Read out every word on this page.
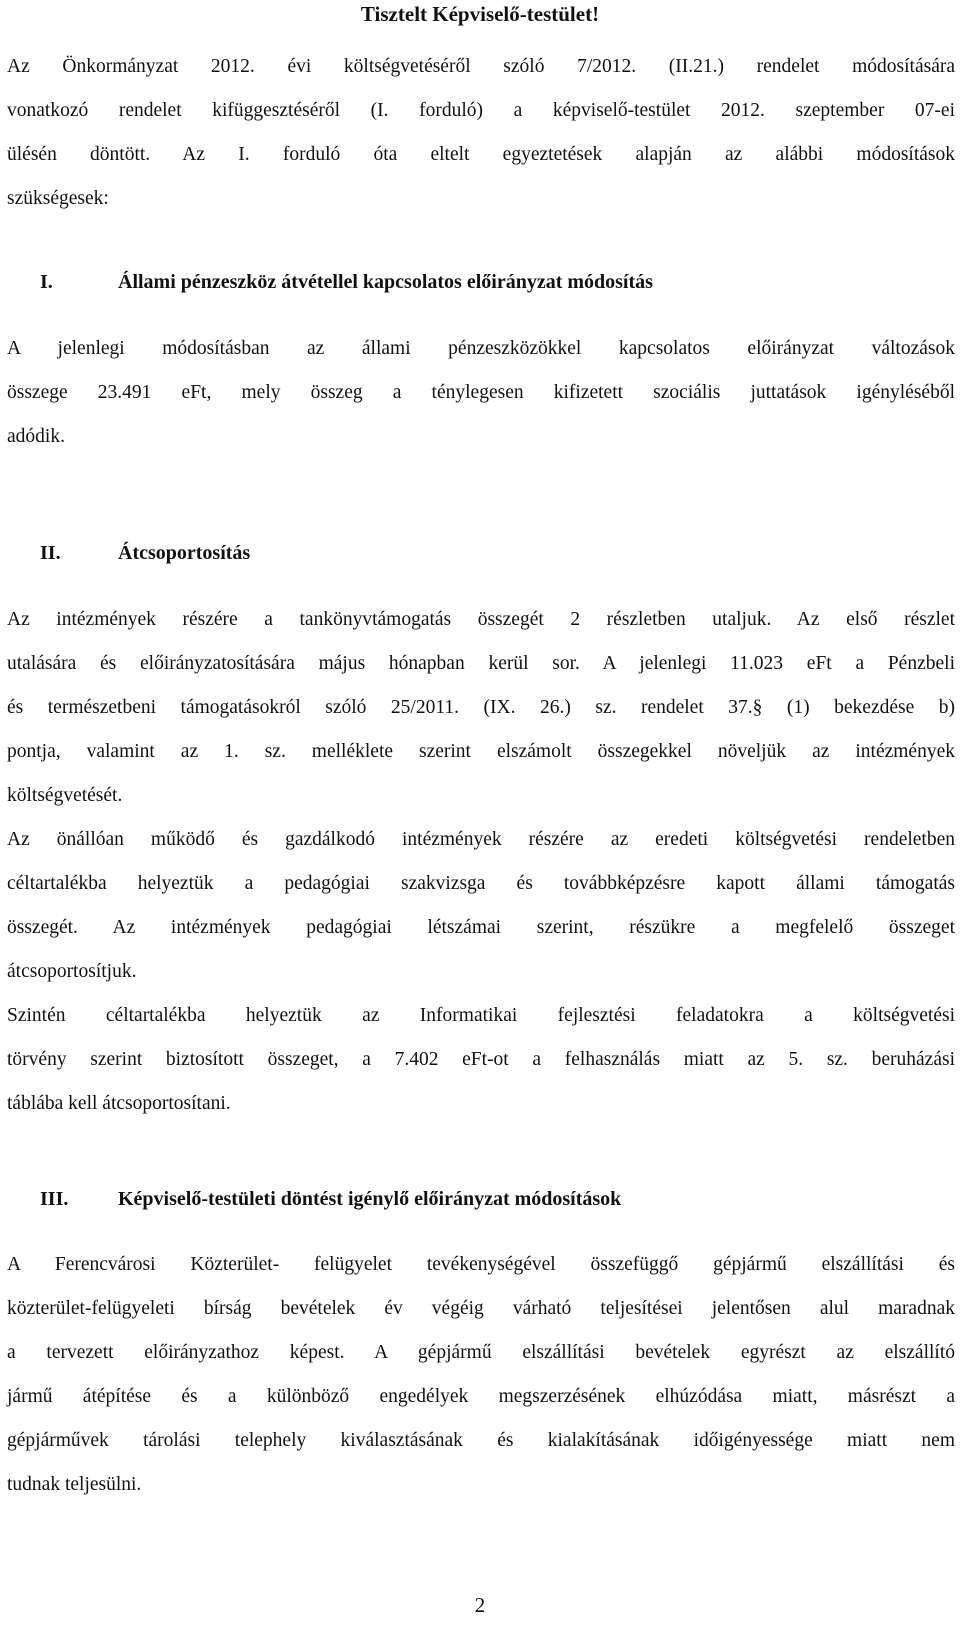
Tisztelt Képviselő-testület!
Az Önkormányzat 2012. évi költségvetéséről szóló 7/2012. (II.21.) rendelet módosítására
vonatkozó rendelet kifüggesztéséről (I. forduló) a képviselő-testület 2012. szeptember 07-ei
ülésén döntött. Az I. forduló óta eltelt egyeztetések alapján az alábbi módosítások
szükségesek:
I.	Állami pénzeszköz átvétellel kapcsolatos előirányzat módosítás
A jelenlegi módosításban az állami pénzeszközökkel kapcsolatos előirányzat változások
összege 23.491 eFt, mely összeg a ténylegesen kifizetett szociális juttatások igényléséből
adódik.
II.	Átcsoportosítás
Az intézmények részére a tankönyvtámogatás összegét 2 részletben utaljuk. Az első részlet
utalására és előirányzatosítására május hónapban kerül sor. A jelenlegi 11.023 eFt a Pénzbeli
és természetbeni támogatásokról szóló 25/2011. (IX. 26.) sz. rendelet 37.§ (1) bekezdése b)
pontja, valamint az 1. sz. melléklete szerint elszámolt összegekkel növeljük az intézmények
költségvetését.
Az önállóan működő és gazdálkodó intézmények részére az eredeti költségvetési rendeletben
céltartalékba helyeztük a pedagógiai szakvizsga és továbbképzésre kapott állami támogatás
összegét. Az intézmények pedagógiai létszámai szerint, részükre a megfelelő összeget
átcsoportosítjuk.
Szintén céltartalékba helyeztük az Informatikai fejlesztési feladatokra a költségvetési
törvény szerint biztosított összeget, a 7.402 eFt-ot a felhasználás miatt az 5. sz. beruházási
táblába kell átcsoportosítani.
III. Képviselő-testületi döntést igénylő előirányzat módosítások
A Ferencvárosi Közterület- felügyelet tevékenységével összefüggő gépjármű elszállítási és
közterület-felügyeleti bírság bevételek év végéig várható teljesítései jelentősen alul maradnak
a tervezett előirányzathoz képest. A gépjármű elszállítási bevételek egyrészt az elszállító
jármű átépítése és a különböző engedélyek megszerzésének elhúzódása miatt, másrészt a
gépjárművek tárolási telephely kiválasztásának és kialakításának időigényessége miatt nem
tudnak teljesülni.
2
